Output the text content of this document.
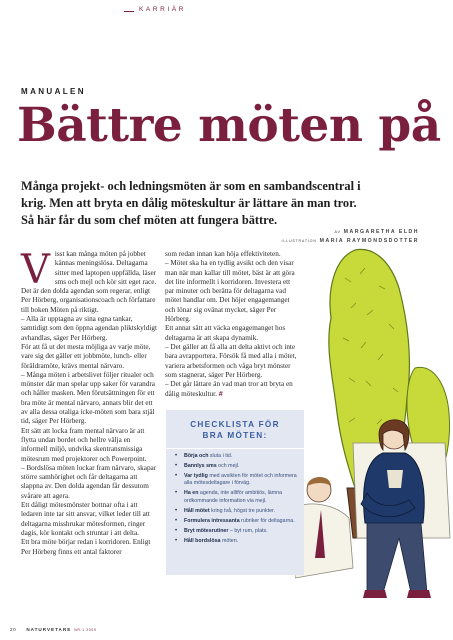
KARRIÄR
MANUALEN
Bättre möten på

Många projekt- och ledningsmöten är som en sambandscentral i

krig. Men att bryta en dålig möteskultur är lättare än man tror.

Så här får du som chef möten att fungera bättre.

AV MARGARETHA ELDH
ILLUSTRATION MARIA RAYMONDSDOTTER
V isst kan många möten på jobbet kännas meningslösa. Deltagarna sitter med laptopen uppfällda, läser sms och mejl och kör sitt eget race. Det är den dolda agendan som regerar, enligt Per Hörberg, organisationscoach och författare till boken Möten på riktigt.

– Alla är upptagna av sina egna tankar, samtidigt som den öppna agendan pliktskyldigt avhandlas, säger Per Hörberg.

För att få ut det mesta möjliga av varje möte, vare sig det gäller ett jobbmöte, lunch- eller föräldramöte, krävs mental närvaro.

– Många möten i arbetslivet följer ritualer och mönster där man spelar upp saker för varandra och håller masken. Men förutsättningen för ett bra möte är mental närvaro, annars blir det ett av alla dessa otaliga icke-möten som bara stjäl tid, säger Per Hörberg.

Ett sätt att locka fram mental närvaro är att flytta undan bordet och hellre välja en informell miljö, undvika skentransmissiga mötesrum med projektorer och Powerpoint.

– Bordslösa möten lockar fram närvaro, skapar större samhörighet och får deltagarna att slappna av. Den dolda agendan får dessutom svårare att agera.

Ett dåligt mötesmönster bottnar ofta i att ledaren inte tar sitt ansvar, vilket leder till att deltagarna misshrukar mötesformen, ringer dagis, kör kontakt och struntar i att delta.

Ett bra möte börjar redan i korridoren. Enligt Per Hörberg finns ett antal faktorer

som redan innan kan höja effektiviteten.

– Mötet ska ha en tydlig avsikt och den visar man när man kallar till mötet, bäst är att göra det lite informellt i korridoren. Investera ett par minuter och berätta för deltagarna vad mötet handlar om. Det höjer engagemanget och lönar sig ovänat mycket, säger Per Hörberg.

Ett annat sätt att väcka engagemanget hos deltagarna är att skapa dynamik.

– Det gäller att få alla att delta aktivt och inte bara avrapportera. Försök få med alla i mötet, variera arbetsformen och våga bryt mönster som stagnerat, säger Per Hörberg.

– Det går lättare än vad man tror att bryta en dålig möteskultur. #

CHECKLISTA FÖR
BRA MÖTEN:
• Börja och sluta i tid.
• Bannlys sms och mejl.
• Var tydlig med avsikten för mötet och informera alla mötesdeltagare i förväg.
• Ha en agenda, inte alltför ambitiös, lämna ordkommande information via mejl.
• Håll mötet kring två, högst tre punkter.
• Formulera intressanta rubriker för deltagarna.
• Bryt mötesrutiner – byt rum, plats.
• Håll bordslösa möten.
20 NATURVETARE NR 1 2009
